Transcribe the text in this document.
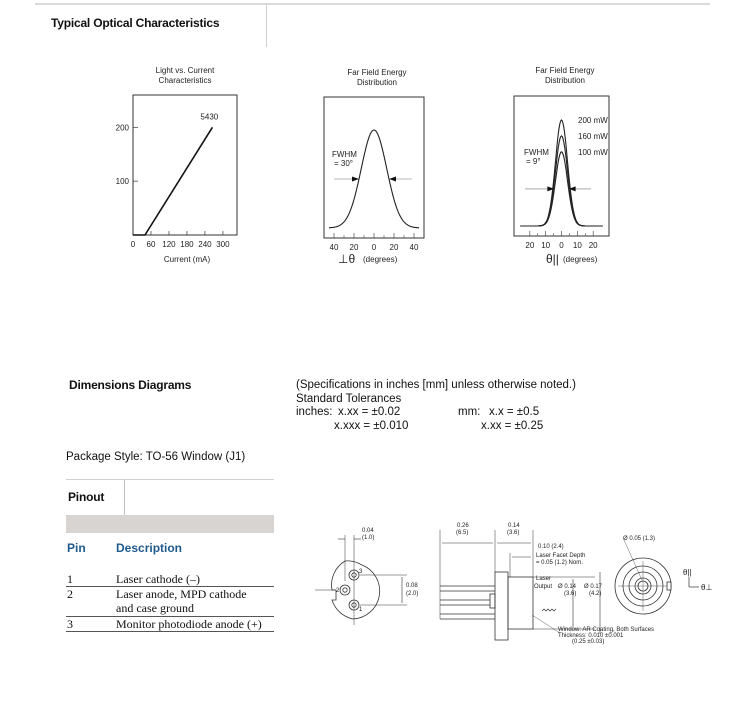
Typical Optical Characteristics
Light vs. Current
Characteristics
0 60 120 180 240 300
100
200
5430
Current (mA)
Far Field Energy
Distribution
40 20 0 20 40
FWHM
= 30°
⊥θ (degrees)
Far Field Energy
Distribution
20 10 0 10 20
200 mW
160 mW
100 mW
FWHM
= 9°
θ|| (degrees)
Dimensions Diagrams	(Specifications in inches [mm] unless otherwise noted.)
Standard Tolerances
inches: x.xx = ±0.02	mm: x.x = ±0.5
x.xxx = ±0.010	x.xx = ±0.25
Package Style: TO-56 Window (J1)
Pinout
Pin	Description
1	Laser cathode (–)
2	Laser anode, MPD cathode
and case ground
3	Monitor photodiode anode (+)
0.04
(1.0)
0.08
(2.0)
3
2
1
0.26
(6.5)
0.14
(3.6)
0.10 (2.4)
Laser Facet Depth
= 0.05 (1.2) Nom.
Laser
Output Ø 0.14
(3.6)
Ø 0.17
(4.2)
Window: AR Coating, Both Surfaces
Thickness: 0.010 ±0.001
(0.25 ±0.03)
Ø 0.05 (1.3)
θ||
θ⊥
